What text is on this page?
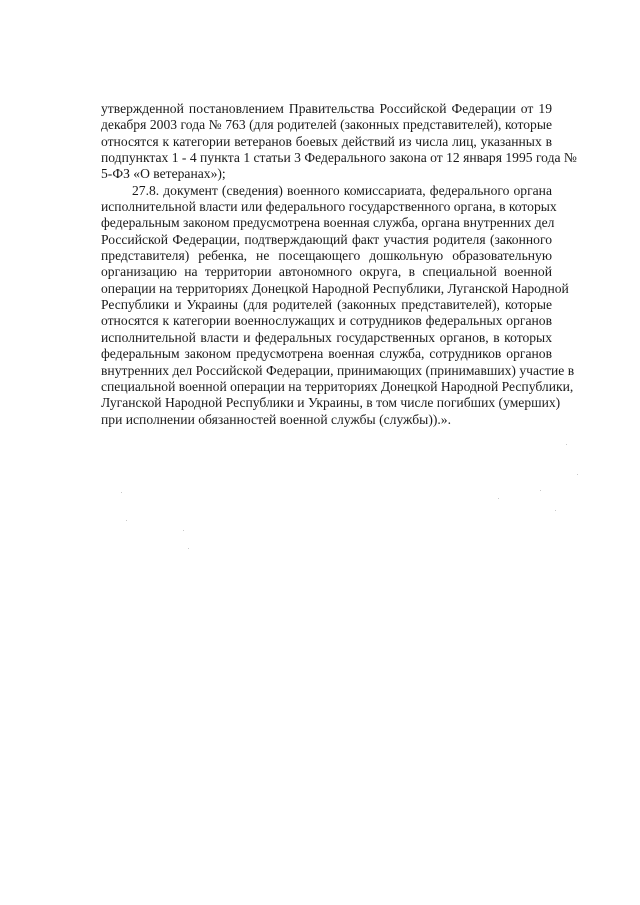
утвержденной постановлением Правительства Российской Федерации от 19
декабря 2003 года № 763 (для родителей (законных представителей), которые
относятся к категории ветеранов боевых действий из числа лиц, указанных в
подпунктах 1 - 4 пункта 1 статьи 3 Федерального закона от 12 января 1995 года №
5-ФЗ «О ветеранах»);
27.8. документ (сведения) военного комиссариата, федерального органа
исполнительной власти или федерального государственного органа, в которых
федеральным законом предусмотрена военная служба, органа внутренних дел
Российской Федерации, подтверждающий факт участия родителя (законного
представителя) ребенка, не посещающего дошкольную образовательную
организацию на территории автономного округа, в специальной военной
операции на территориях Донецкой Народной Республики, Луганской Народной
Республики и Украины (для родителей (законных представителей), которые
относятся к категории военнослужащих и сотрудников федеральных органов
исполнительной власти и федеральных государственных органов, в которых
федеральным законом предусмотрена военная служба, сотрудников органов
внутренних дел Российской Федерации, принимающих (принимавших) участие в
специальной военной операции на территориях Донецкой Народной Республики,
Луганской Народной Республики и Украины, в том числе погибших (умерших)
при исполнении обязанностей военной службы (службы)).».
